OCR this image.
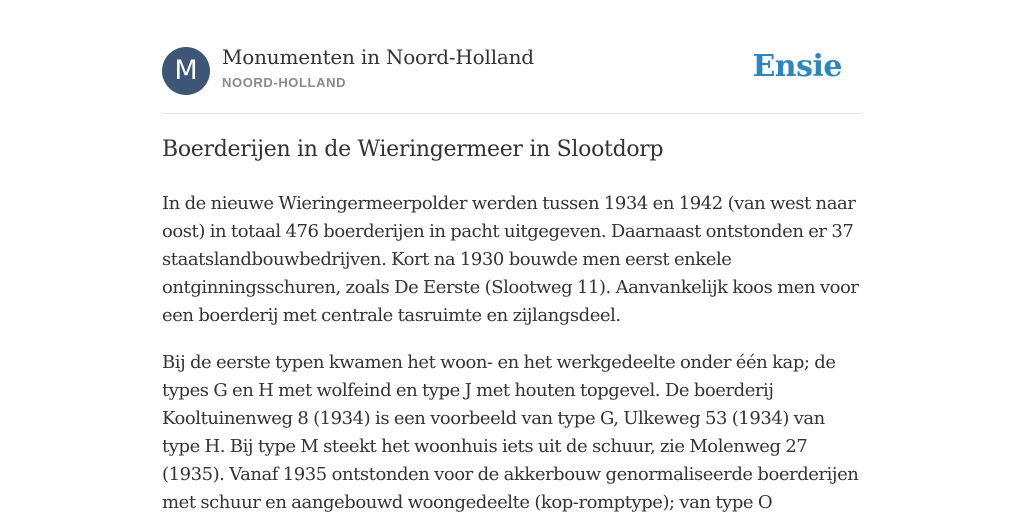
M	Monumenten in Noord-Holland
NOORD-HOLLAND	Ensie
Boerderijen in de Wieringermeer in Slootdorp

In de nieuwe Wieringermeerpolder werden tussen 1934 en 1942 (van west naar oost) in totaal 476 boerderijen in pacht uitgegeven. Daarnaast ontstonden er 37 staatslandbouwbedrijven. Kort na 1930 bouwde men eerst enkele ontginningsschuren, zoals De Eerste (Slootweg 11). Aanvankelijk koos men voor een boerderij met centrale tasruimte en zijlangsdeel.

Bij de eerste typen kwamen het woon- en het werkgedeelte onder één kap; de types G en H met wolfeind en type J met houten topgevel. De boerderij Kooltuinenweg 8 (1934) is een voorbeeld van type G, Ulkeweg 53 (1934) van type H. Bij type M steekt het woonhuis iets uit de schuur, zie Molenweg 27 (1935). Vanaf 1935 ontstonden voor de akkerbouw genormaliseerde boerderijen met schuur en aangebouwd woongedeelte (kop-romptype); van type O
